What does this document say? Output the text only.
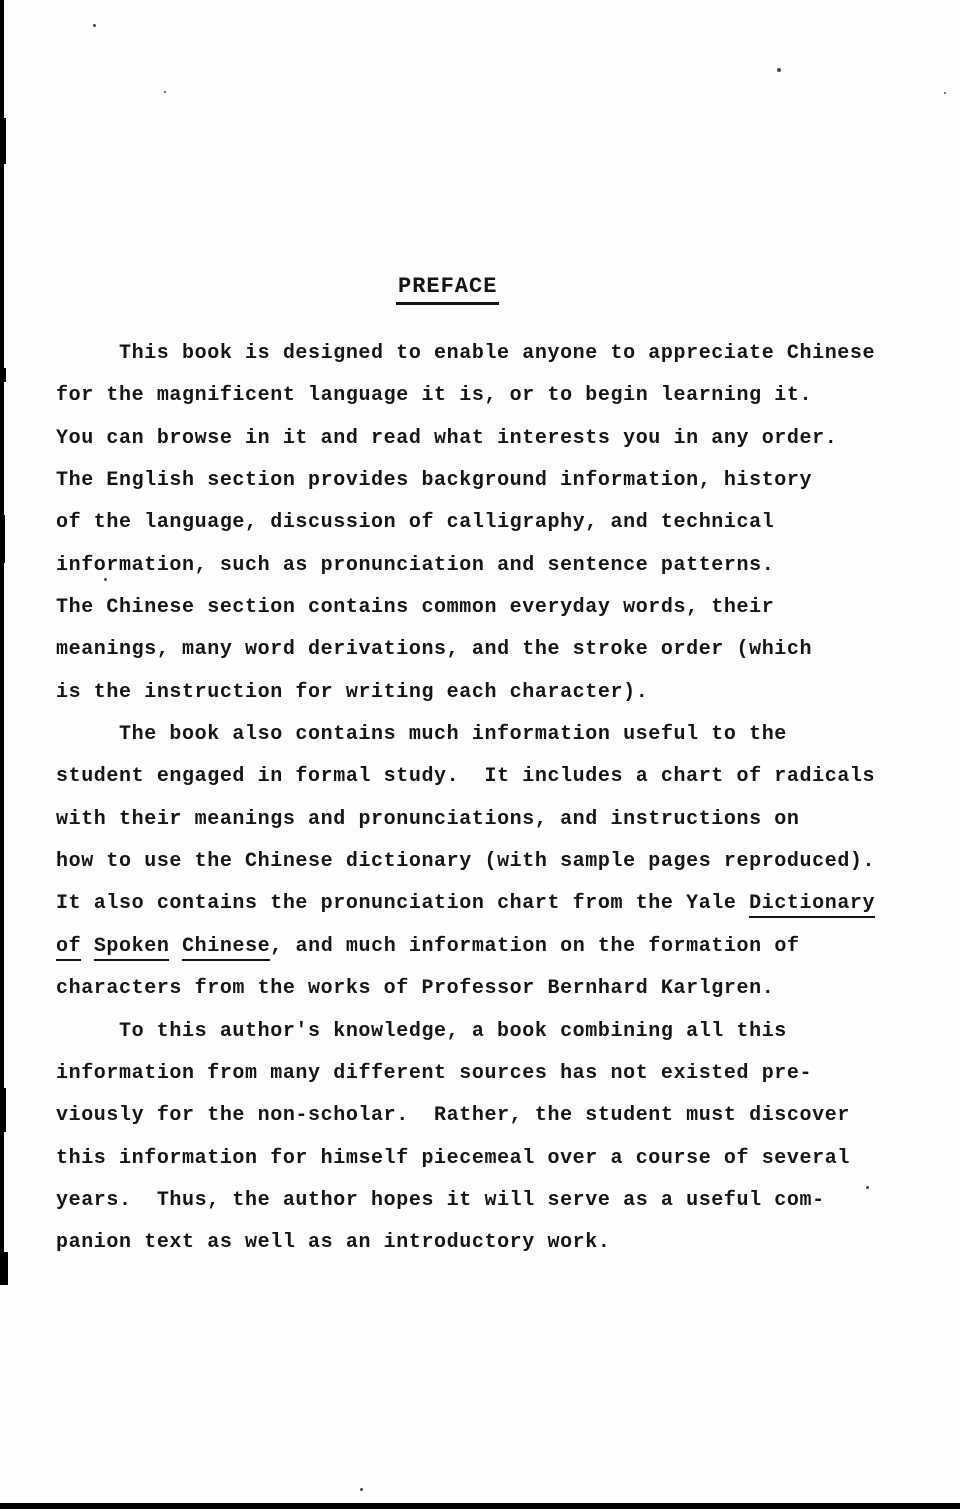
PREFACE
This book is designed to enable anyone to appreciate Chinese
for the magnificent language it is, or to begin learning it.
You can browse in it and read what interests you in any order.
The English section provides background information, history
of the language, discussion of calligraphy, and technical
information, such as pronunciation and sentence patterns.
The Chinese section contains common everyday words, their
meanings, many word derivations, and the stroke order (which
is the instruction for writing each character).
The book also contains much information useful to the
student engaged in formal study.  It includes a chart of radicals
with their meanings and pronunciations, and instructions on
how to use the Chinese dictionary (with sample pages reproduced).
It also contains the pronunciation chart from the Yale Dictionary
of Spoken Chinese, and much information on the formation of
characters from the works of Professor Bernhard Karlgren.
To this author's knowledge, a book combining all this
information from many different sources has not existed pre-
viously for the non-scholar.  Rather, the student must discover
this information for himself piecemeal over a course of several
years.  Thus, the author hopes it will serve as a useful com-
panion text as well as an introductory work.
